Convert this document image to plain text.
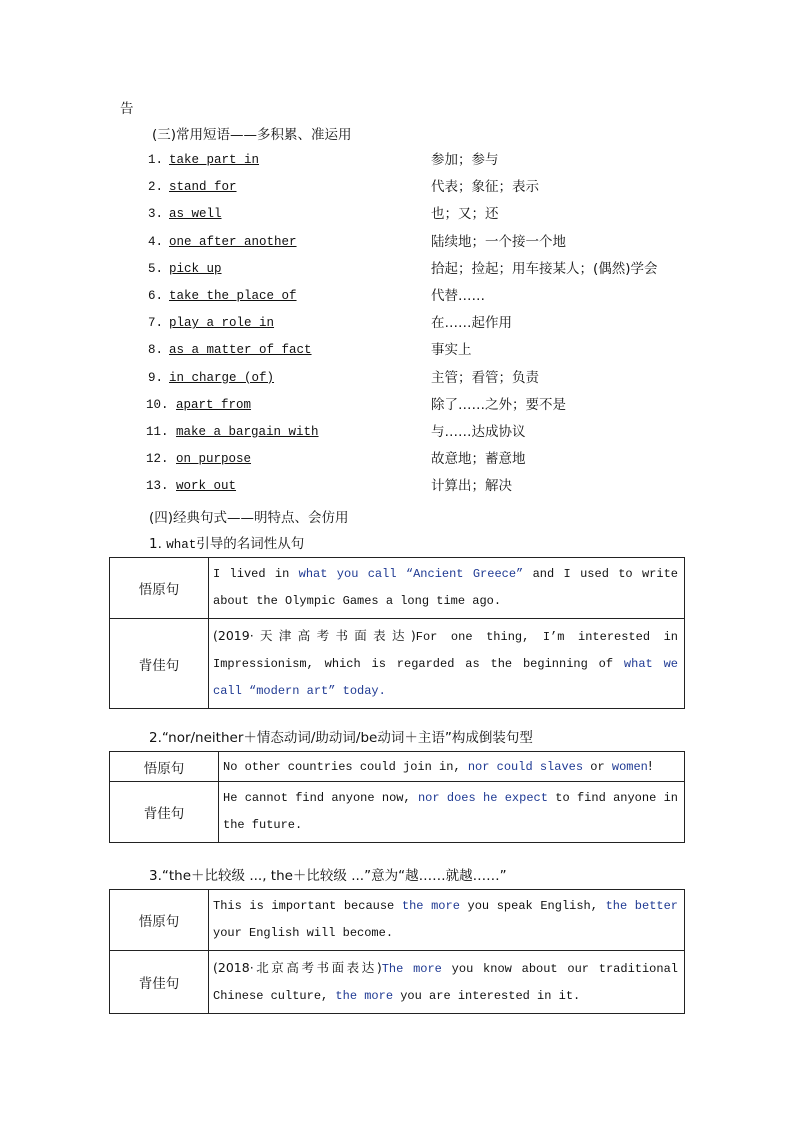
告
(三)常用短语——多积累、准运用
1. take part in	参加；参与
2. stand for	代表；象征；表示
3. as well	也；又；还
4. one after another	陆续地；一个接一个地
5. pick up	拾起；捡起；用车接某人；(偶然)学会
6. take the place of	代替……
7. play a role in	在……起作用
8. as a matter of fact	事实上
9. in charge (of)	主管；看管；负责
10. apart from	除了……之外；要不是
11. make a bargain with	与……达成协议
12. on purpose	故意地；蓄意地
13. work out	计算出；解决
(四)经典句式——明特点、会仿用
1. what引导的名词性从句
悟原句	I lived in what you call “Ancient Greece” and I used to write about the Olympic Games a long time ago.
背佳句	(2019·天津高考书面表达)For one thing, I’m interested in Impressionism, which is regarded as the beginning of what we call “modern art” today.
2.“nor/neither＋情态动词/助动词/be动词＋主语”构成倒装句型
悟原句	No other countries could join in, nor could slaves or women!
背佳句	He cannot find anyone now, nor does he expect to find anyone in the future.
3.“the＋比较级 ..., the＋比较级 ...”意为“越……就越……”
悟原句	This is important because the more you speak English, the better your English will become.
背佳句	(2018·北京高考书面表达)The more you know about our traditional Chinese culture, the more you are interested in it.
